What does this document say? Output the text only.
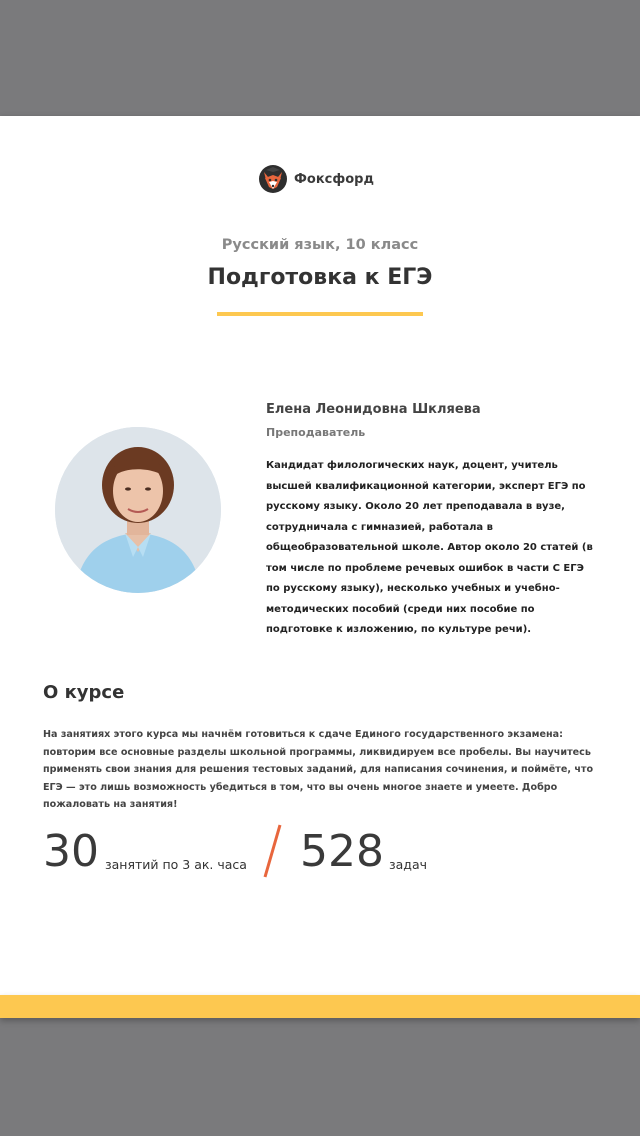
Фоксфорд
Русский язык, 10 класс
Подготовка к ЕГЭ
Елена Леонидовна Шкляева
Преподаватель
Кандидат филологических наук, доцент, учитель высшей квалификационной категории, эксперт ЕГЭ по русскому языку. Около 20 лет преподавала в вузе, сотрудничала с гимназией, работала в общеобразовательной школе. Автор около 20 статей (в том числе по проблеме речевых ошибок в части С ЕГЭ по русскому языку), несколько учебных и учебно-методических пособий (среди них пособие по подготовке к изложению, по культуре речи).
О курсе
На занятиях этого курса мы начнём готовиться к сдаче Единого государственного экзамена: повторим все основные разделы школьной программы, ликвидируем все пробелы. Вы научитесь применять свои знания для решения тестовых заданий, для написания сочинения, и поймёте, что ЕГЭ — это лишь возможность убедиться в том, что вы очень многое знаете и умеете. Добро пожаловать на занятия!
30 занятий по 3 ак. часа 528 задач
